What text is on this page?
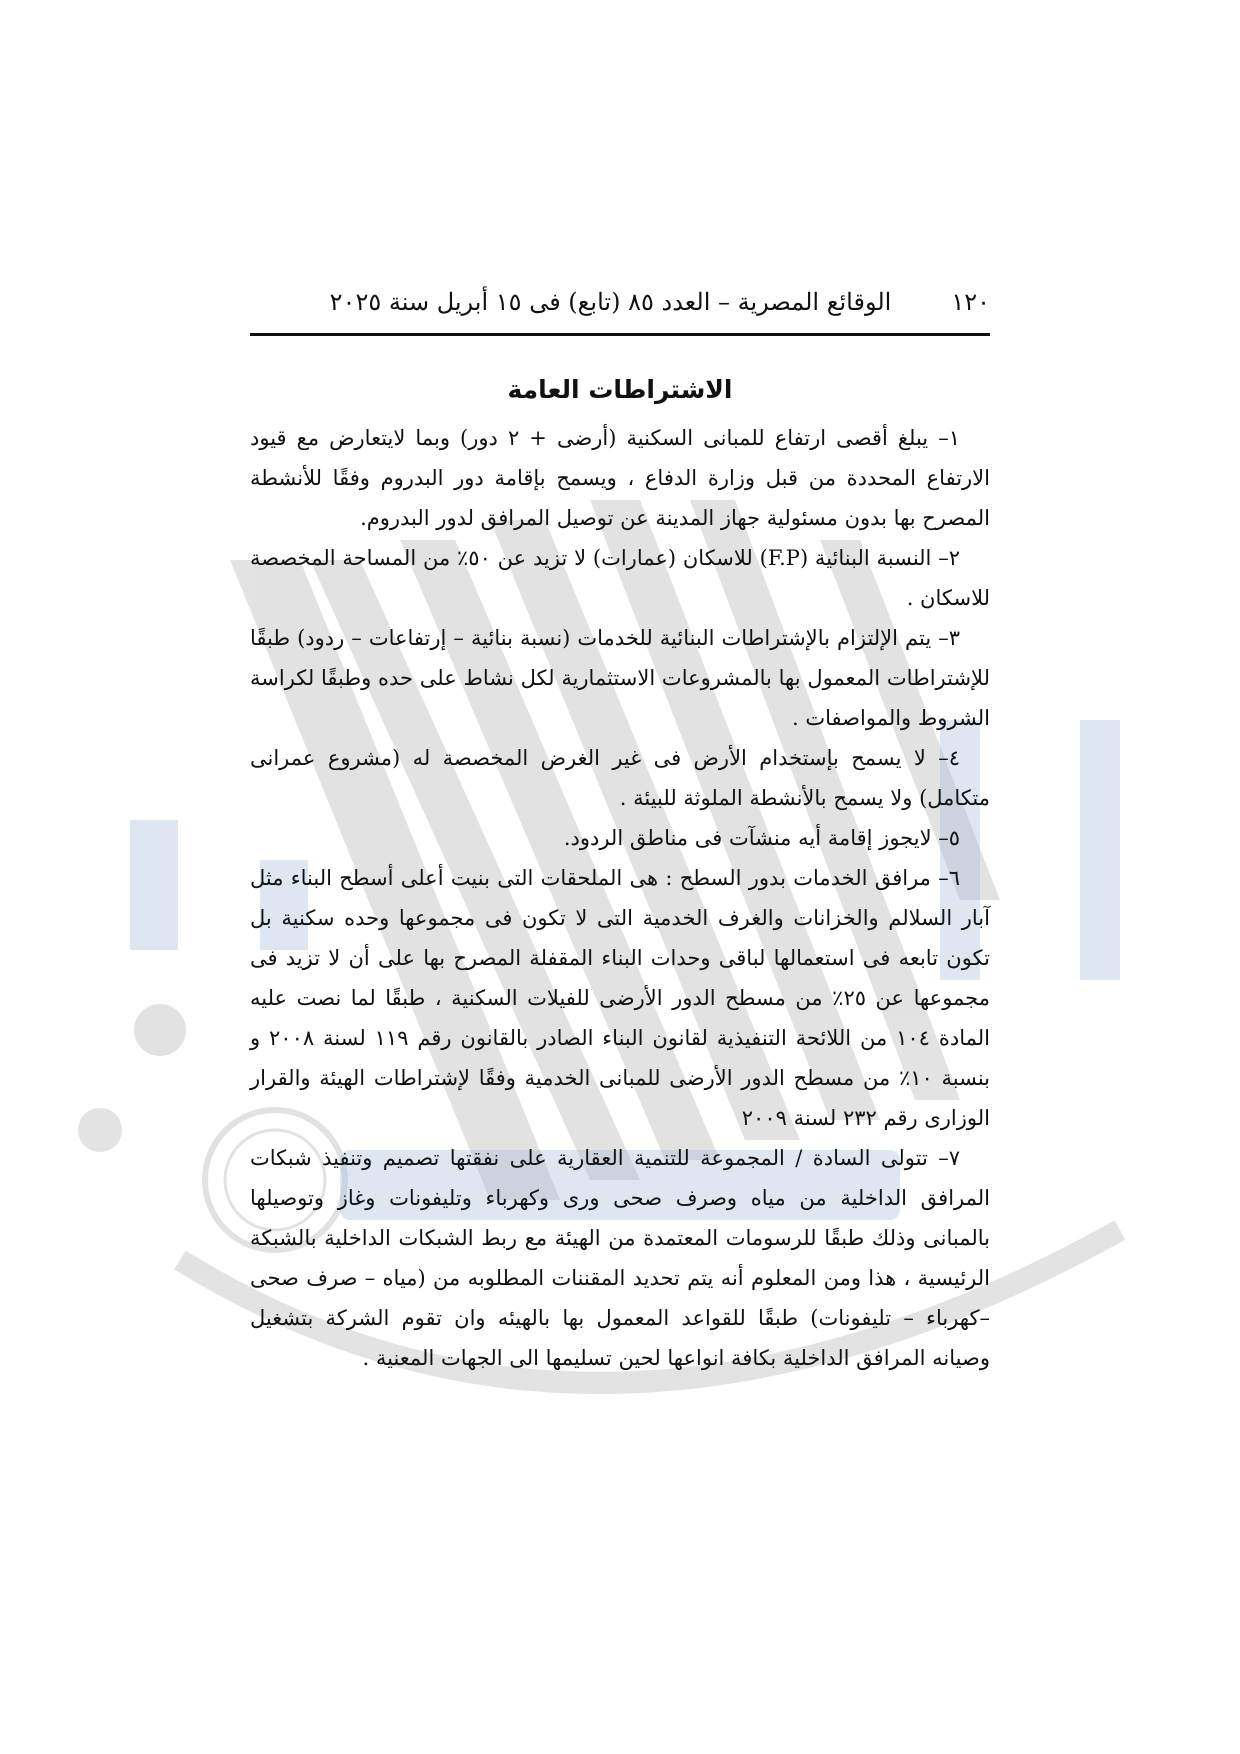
١٢٠
الوقائع المصرية – العدد ٨٥ (تابع) فى ١٥ أبريل سنة ٢٠٢٥
الاشتراطات العامة

١– يبلغ أقصى ارتفاع للمبانى السكنية (أرضى + ٢ دور) وبما لايتعارض مع قيود الارتفاع المحددة من قبل وزارة الدفاع ، ويسمح بإقامة دور البدروم وفقًا للأنشطة المصرح بها بدون مسئولية جهاز المدينة عن توصيل المرافق لدور البدروم.

٢– النسبة البنائية (F.P) للاسكان (عمارات) لا تزيد عن ٥٠٪ من المساحة المخصصة للاسكان .

٣– يتم الإلتزام بالإشتراطات البنائية للخدمات (نسبة بنائية – إرتفاعات – ردود) طبقًا للإشتراطات المعمول بها بالمشروعات الاستثمارية لكل نشاط على حده وطبقًا لكراسة الشروط والمواصفات .

٤– لا يسمح بإستخدام الأرض فى غير الغرض المخصصة له (مشروع عمرانى متكامل) ولا يسمح بالأنشطة الملوثة للبيئة .

٥– لايجوز إقامة أيه منشآت فى مناطق الردود.

٦– مرافق الخدمات بدور السطح : هى الملحقات التى بنيت أعلى أسطح البناء مثل آبار السلالم والخزانات والغرف الخدمية التى لا تكون فى مجموعها وحده سكنية بل تكون تابعه فى استعمالها لباقى وحدات البناء المقفلة المصرح بها على أن لا تزيد فى مجموعها عن ٢٥٪ من مسطح الدور الأرضى للفيلات السكنية ، طبقًا لما نصت عليه المادة ١٠٤ من اللائحة التنفيذية لقانون البناء الصادر بالقانون رقم ١١٩ لسنة ٢٠٠٨ و بنسبة ١٠٪ من مسطح الدور الأرضى للمبانى الخدمية وفقًا لإشتراطات الهيئة والقرار الوزارى رقم ٢٣٢ لسنة ٢٠٠٩

٧– تتولى السادة / المجموعة للتنمية العقارية على نفقتها تصميم وتنفيذ شبكات المرافق الداخلية من مياه وصرف صحى ورى وكهرباء وتليفونات وغاز وتوصيلها بالمبانى وذلك طبقًا للرسومات المعتمدة من الهيئة مع ربط الشبكات الداخلية بالشبكة الرئيسية ، هذا ومن المعلوم أنه يتم تحديد المقننات المطلوبه من (مياه – صرف صحى –كهرباء – تليفونات) طبقًا للقواعد المعمول بها بالهيئه وان تقوم الشركة بتشغيل وصيانه المرافق الداخلية بكافة انواعها لحين تسليمها الى الجهات المعنية .
